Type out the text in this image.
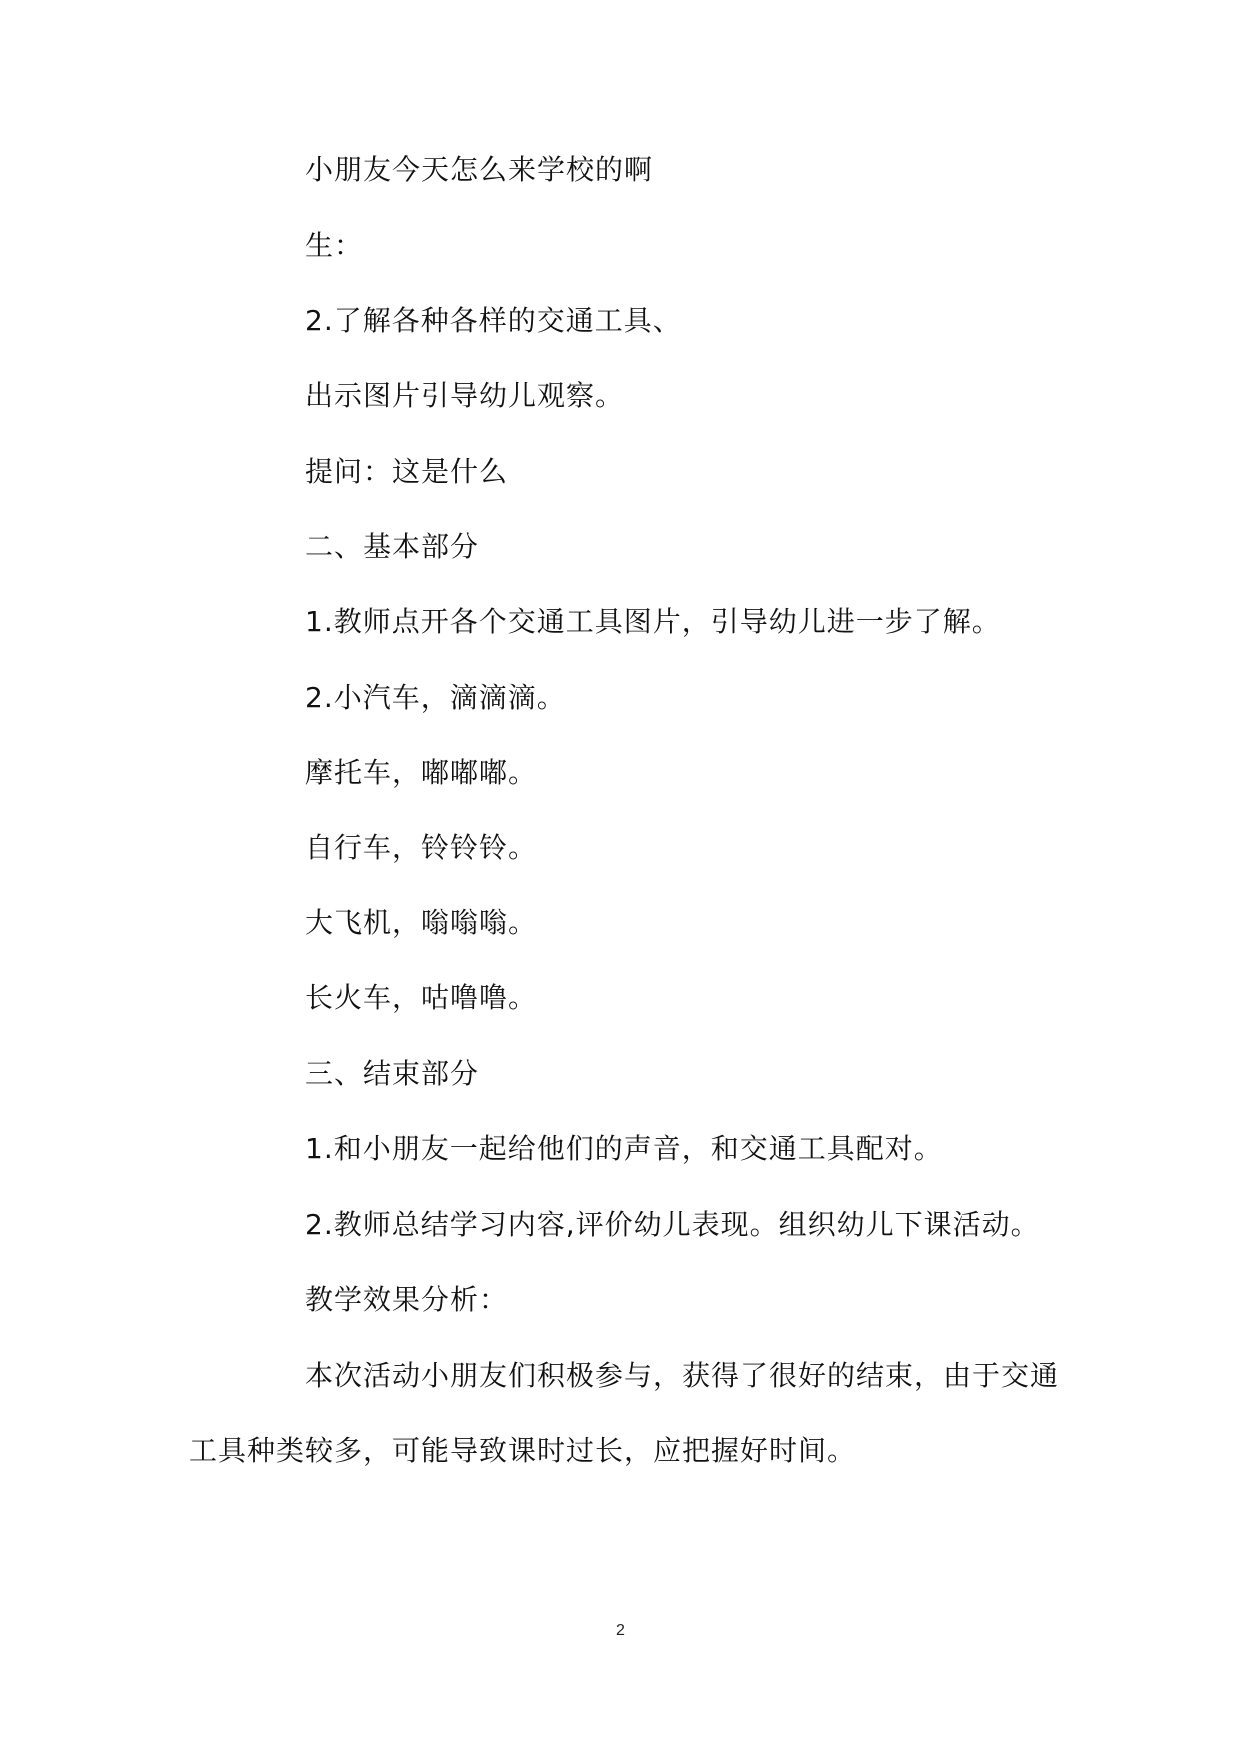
小朋友今天怎么来学校的啊
生：
2.了解各种各样的交通工具、
出示图片引导幼儿观察。
提问：这是什么
二、基本部分
1.教师点开各个交通工具图片，引导幼儿进一步了解。
2.小汽车，滴滴滴。
摩托车，嘟嘟嘟。
自行车，铃铃铃。
大飞机，嗡嗡嗡。
长火车，咕噜噜。
三、结束部分
1.和小朋友一起给他们的声音，和交通工具配对。
2.教师总结学习内容,评价幼儿表现。组织幼儿下课活动。
教学效果分析：
本次活动小朋友们积极参与，获得了很好的结束，由于交通
工具种类较多，可能导致课时过长，应把握好时间。
2
